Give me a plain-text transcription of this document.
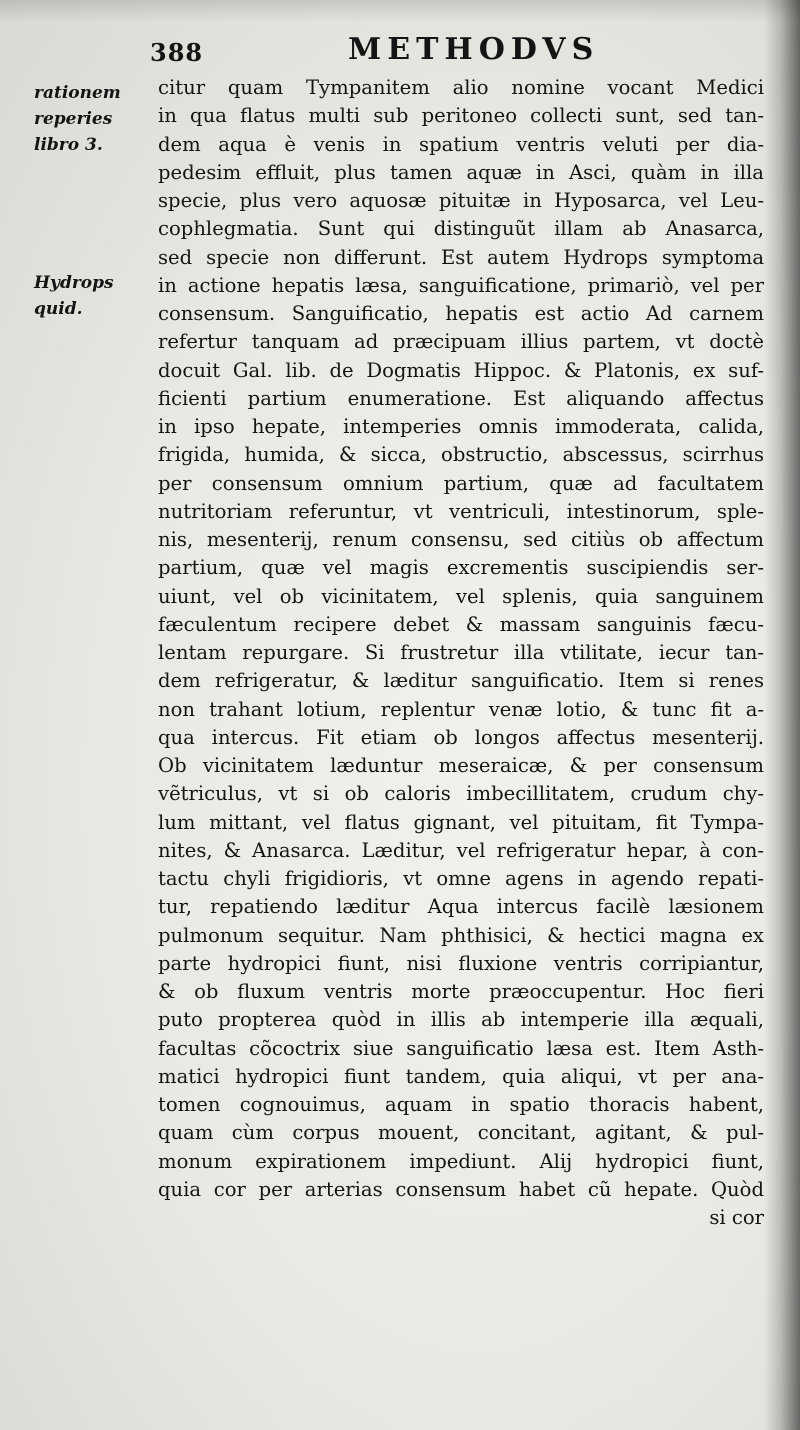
388	METHODVS

rationem

reperies

libro 3.

Hydrops

quid.

citur quam Tympanitem alio nomine vocant Medici
in qua flatus multi sub peritoneo collecti sunt, sed tan-
dem aqua è venis in spatium ventris veluti per dia-
pedesim effluit, plus tamen aquæ in Asci, quàm in illa
specie, plus vero aquosæ pituitæ in Hyposarca, vel Leu-
cophlegmatia. Sunt qui distinguũt illam ab Anasarca,
sed specie non differunt. Est autem Hydrops symptoma
in actione hepatis læsa, sanguificatione, primariò, vel per
consensum. Sanguificatio, hepatis est actio Ad carnem
refertur tanquam ad præcipuam illius partem, vt doctè
docuit Gal. lib. de Dogmatis Hippoc. & Platonis, ex suf-
ficienti partium enumeratione. Est aliquando affectus
in ipso hepate, intemperies omnis immoderata, calida,
frigida, humida, & sicca, obstructio, abscessus, scirrhus
per consensum omnium partium, quæ ad facultatem
nutritoriam referuntur, vt ventriculi, intestinorum, sple-
nis, mesenterij, renum consensu, sed citiùs ob affectum
partium, quæ vel magis excrementis suscipiendis ser-
uiunt, vel ob vicinitatem, vel splenis, quia sanguinem
fæculentum recipere debet & massam sanguinis fæcu-
lentam repurgare. Si frustretur illa vtilitate, iecur tan-
dem refrigeratur, & læditur sanguificatio. Item si renes
non trahant lotium, replentur venæ lotio, & tunc fit a-
qua intercus. Fit etiam ob longos affectus mesenterij.
Ob vicinitatem læduntur meseraicæ, & per consensum
vẽtriculus, vt si ob caloris imbecillitatem, crudum chy-
lum mittant, vel flatus gignant, vel pituitam, fit Tympa-
nites, & Anasarca. Læditur, vel refrigeratur hepar, à con-
tactu chyli frigidioris, vt omne agens in agendo repati-
tur, repatiendo læditur Aqua intercus facilè læsionem
pulmonum sequitur. Nam phthisici, & hectici magna ex
parte hydropici fiunt, nisi fluxione ventris corripiantur,
& ob fluxum ventris morte præoccupentur. Hoc fieri
puto propterea quòd in illis ab intemperie illa æquali,
facultas cõcoctrix siue sanguificatio læsa est. Item Asth-
matici hydropici fiunt tandem, quia aliqui, vt per ana-
tomen cognouimus, aquam in spatio thoracis habent,
quam cùm corpus mouent, concitant, agitant, & pul-
monum expirationem impediunt. Alij hydropici fiunt,
quia cor per arterias consensum habet cũ hepate. Quòd
si cor
